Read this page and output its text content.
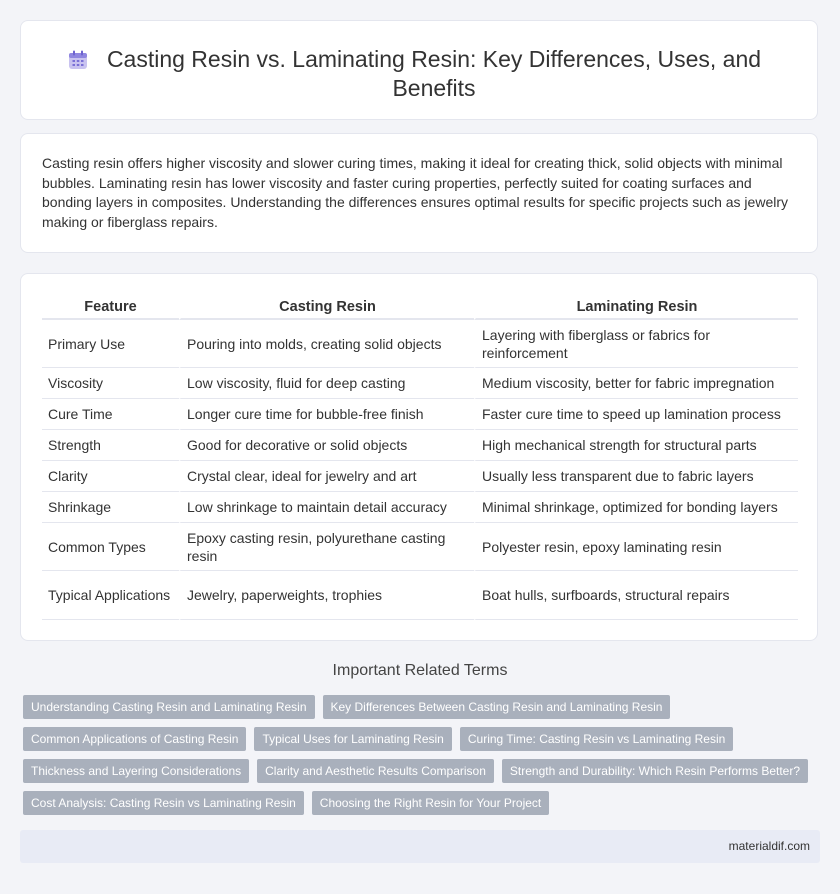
Casting Resin vs. Laminating Resin: Key Differences, Uses, and Benefits

Casting resin offers higher viscosity and slower curing times, making it ideal for creating thick, solid objects with minimal bubbles. Laminating resin has lower viscosity and faster curing properties, perfectly suited for coating surfaces and bonding layers in composites. Understanding the differences ensures optimal results for specific projects such as jewelry making or fiberglass repairs.

Feature	Casting Resin	Laminating Resin
Primary Use	Pouring into molds, creating solid objects	Layering with fiberglass or fabrics for reinforcement
Viscosity	Low viscosity, fluid for deep casting	Medium viscosity, better for fabric impregnation
Cure Time	Longer cure time for bubble-free finish	Faster cure time to speed up lamination process
Strength	Good for decorative or solid objects	High mechanical strength for structural parts
Clarity	Crystal clear, ideal for jewelry and art	Usually less transparent due to fabric layers
Shrinkage	Low shrinkage to maintain detail accuracy	Minimal shrinkage, optimized for bonding layers
Common Types	Epoxy casting resin, polyurethane casting resin	Polyester resin, epoxy laminating resin
Typical Applications	Jewelry, paperweights, trophies	Boat hulls, surfboards, structural repairs
Important Related Terms
Understanding Casting Resin and Laminating Resin	Key Differences Between Casting Resin and Laminating Resin
Common Applications of Casting Resin	Typical Uses for Laminating Resin	Curing Time: Casting Resin vs Laminating Resin
Thickness and Layering Considerations	Clarity and Aesthetic Results Comparison	Strength and Durability: Which Resin Performs Better?
Cost Analysis: Casting Resin vs Laminating Resin	Choosing the Right Resin for Your Project
materialdif.com
